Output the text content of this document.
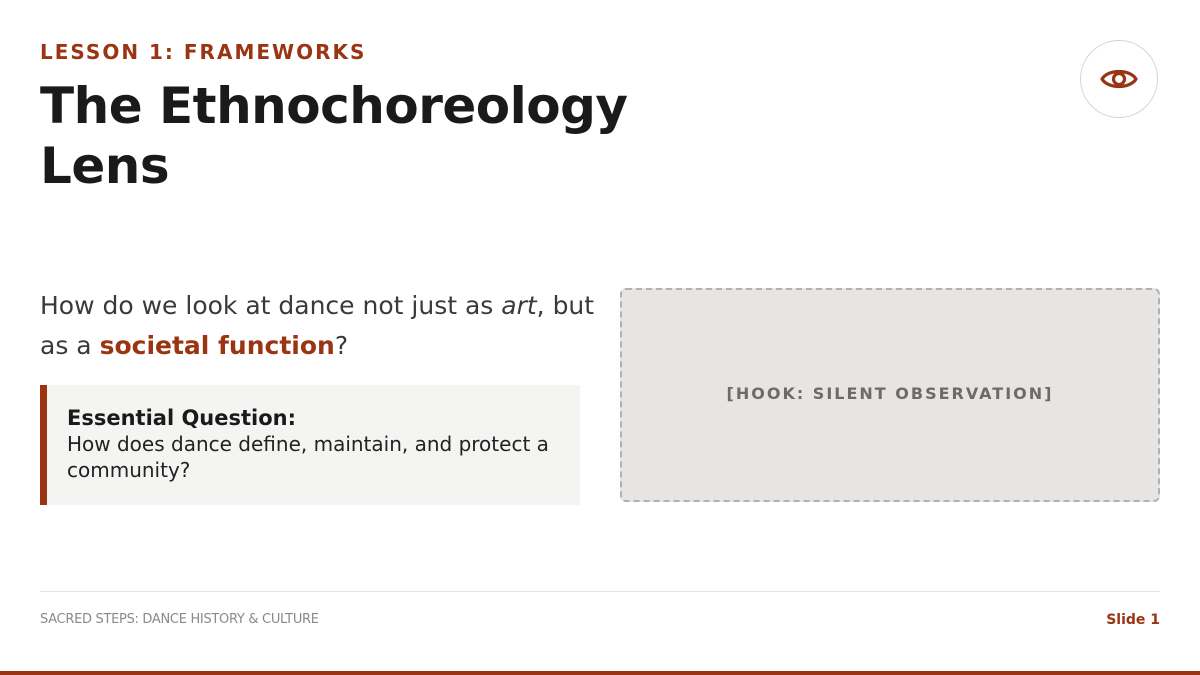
LESSON 1: FRAMEWORKS
The Ethnochoreology
Lens
How do we look at dance not just as art, but as a societal function?
Essential Question:
How does dance define, maintain, and protect a community?
[HOOK: SILENT OBSERVATION]
SACRED STEPS: DANCE HISTORY & CULTURE	Slide 1
